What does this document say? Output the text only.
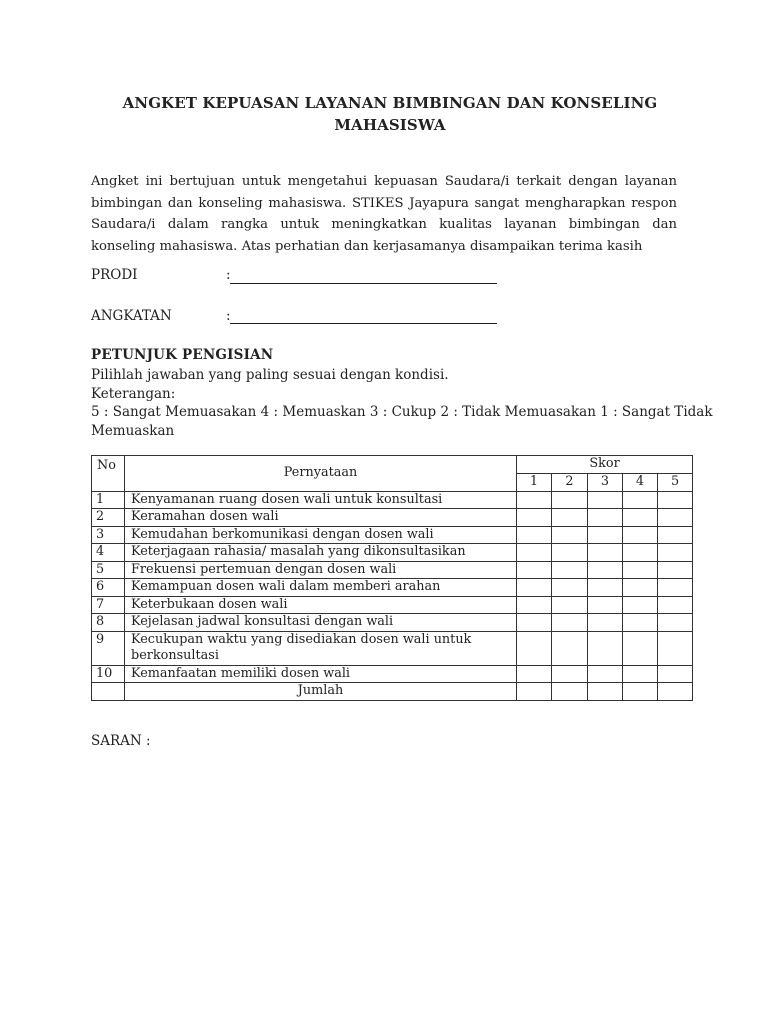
ANGKET KEPUASAN LAYANAN BIMBINGAN DAN KONSELING
MAHASISWA

Angket ini bertujuan untuk mengetahui kepuasan Saudara/i terkait dengan layanan bimbingan dan konseling mahasiswa. STIKES Jayapura sangat mengharapkan respon Saudara/i dalam rangka untuk meningkatkan kualitas layanan bimbingan dan konseling mahasiswa. Atas perhatian dan kerjasamanya disampaikan terima kasih

PRODI	:
ANGKATAN	:
PETUNJUK PENGISIAN
Pilihlah jawaban yang paling sesuai dengan kondisi.
Keterangan:
5 : Sangat Memuasakan 4 : Memuaskan 3 : Cukup 2 : Tidak Memuasakan 1 : Sangat Tidak
Memuaskan
No	Pernyataan	Skor				
		1	2	3	4	5
1	Kenyamanan ruang dosen wali untuk konsultasi					
2	Keramahan dosen wali					
3	Kemudahan berkomunikasi dengan dosen wali					
4	Keterjagaan rahasia/ masalah yang dikonsultasikan					
5	Frekuensi pertemuan dengan dosen wali					
6	Kemampuan dosen wali dalam memberi arahan					
7	Keterbukaan dosen wali					
8	Kejelasan jadwal konsultasi dengan wali					
9	Kecukupan waktu yang disediakan dosen wali untuk berkonsultasi					
10	Kemanfaatan memiliki dosen wali					
	Jumlah					
SARAN :
